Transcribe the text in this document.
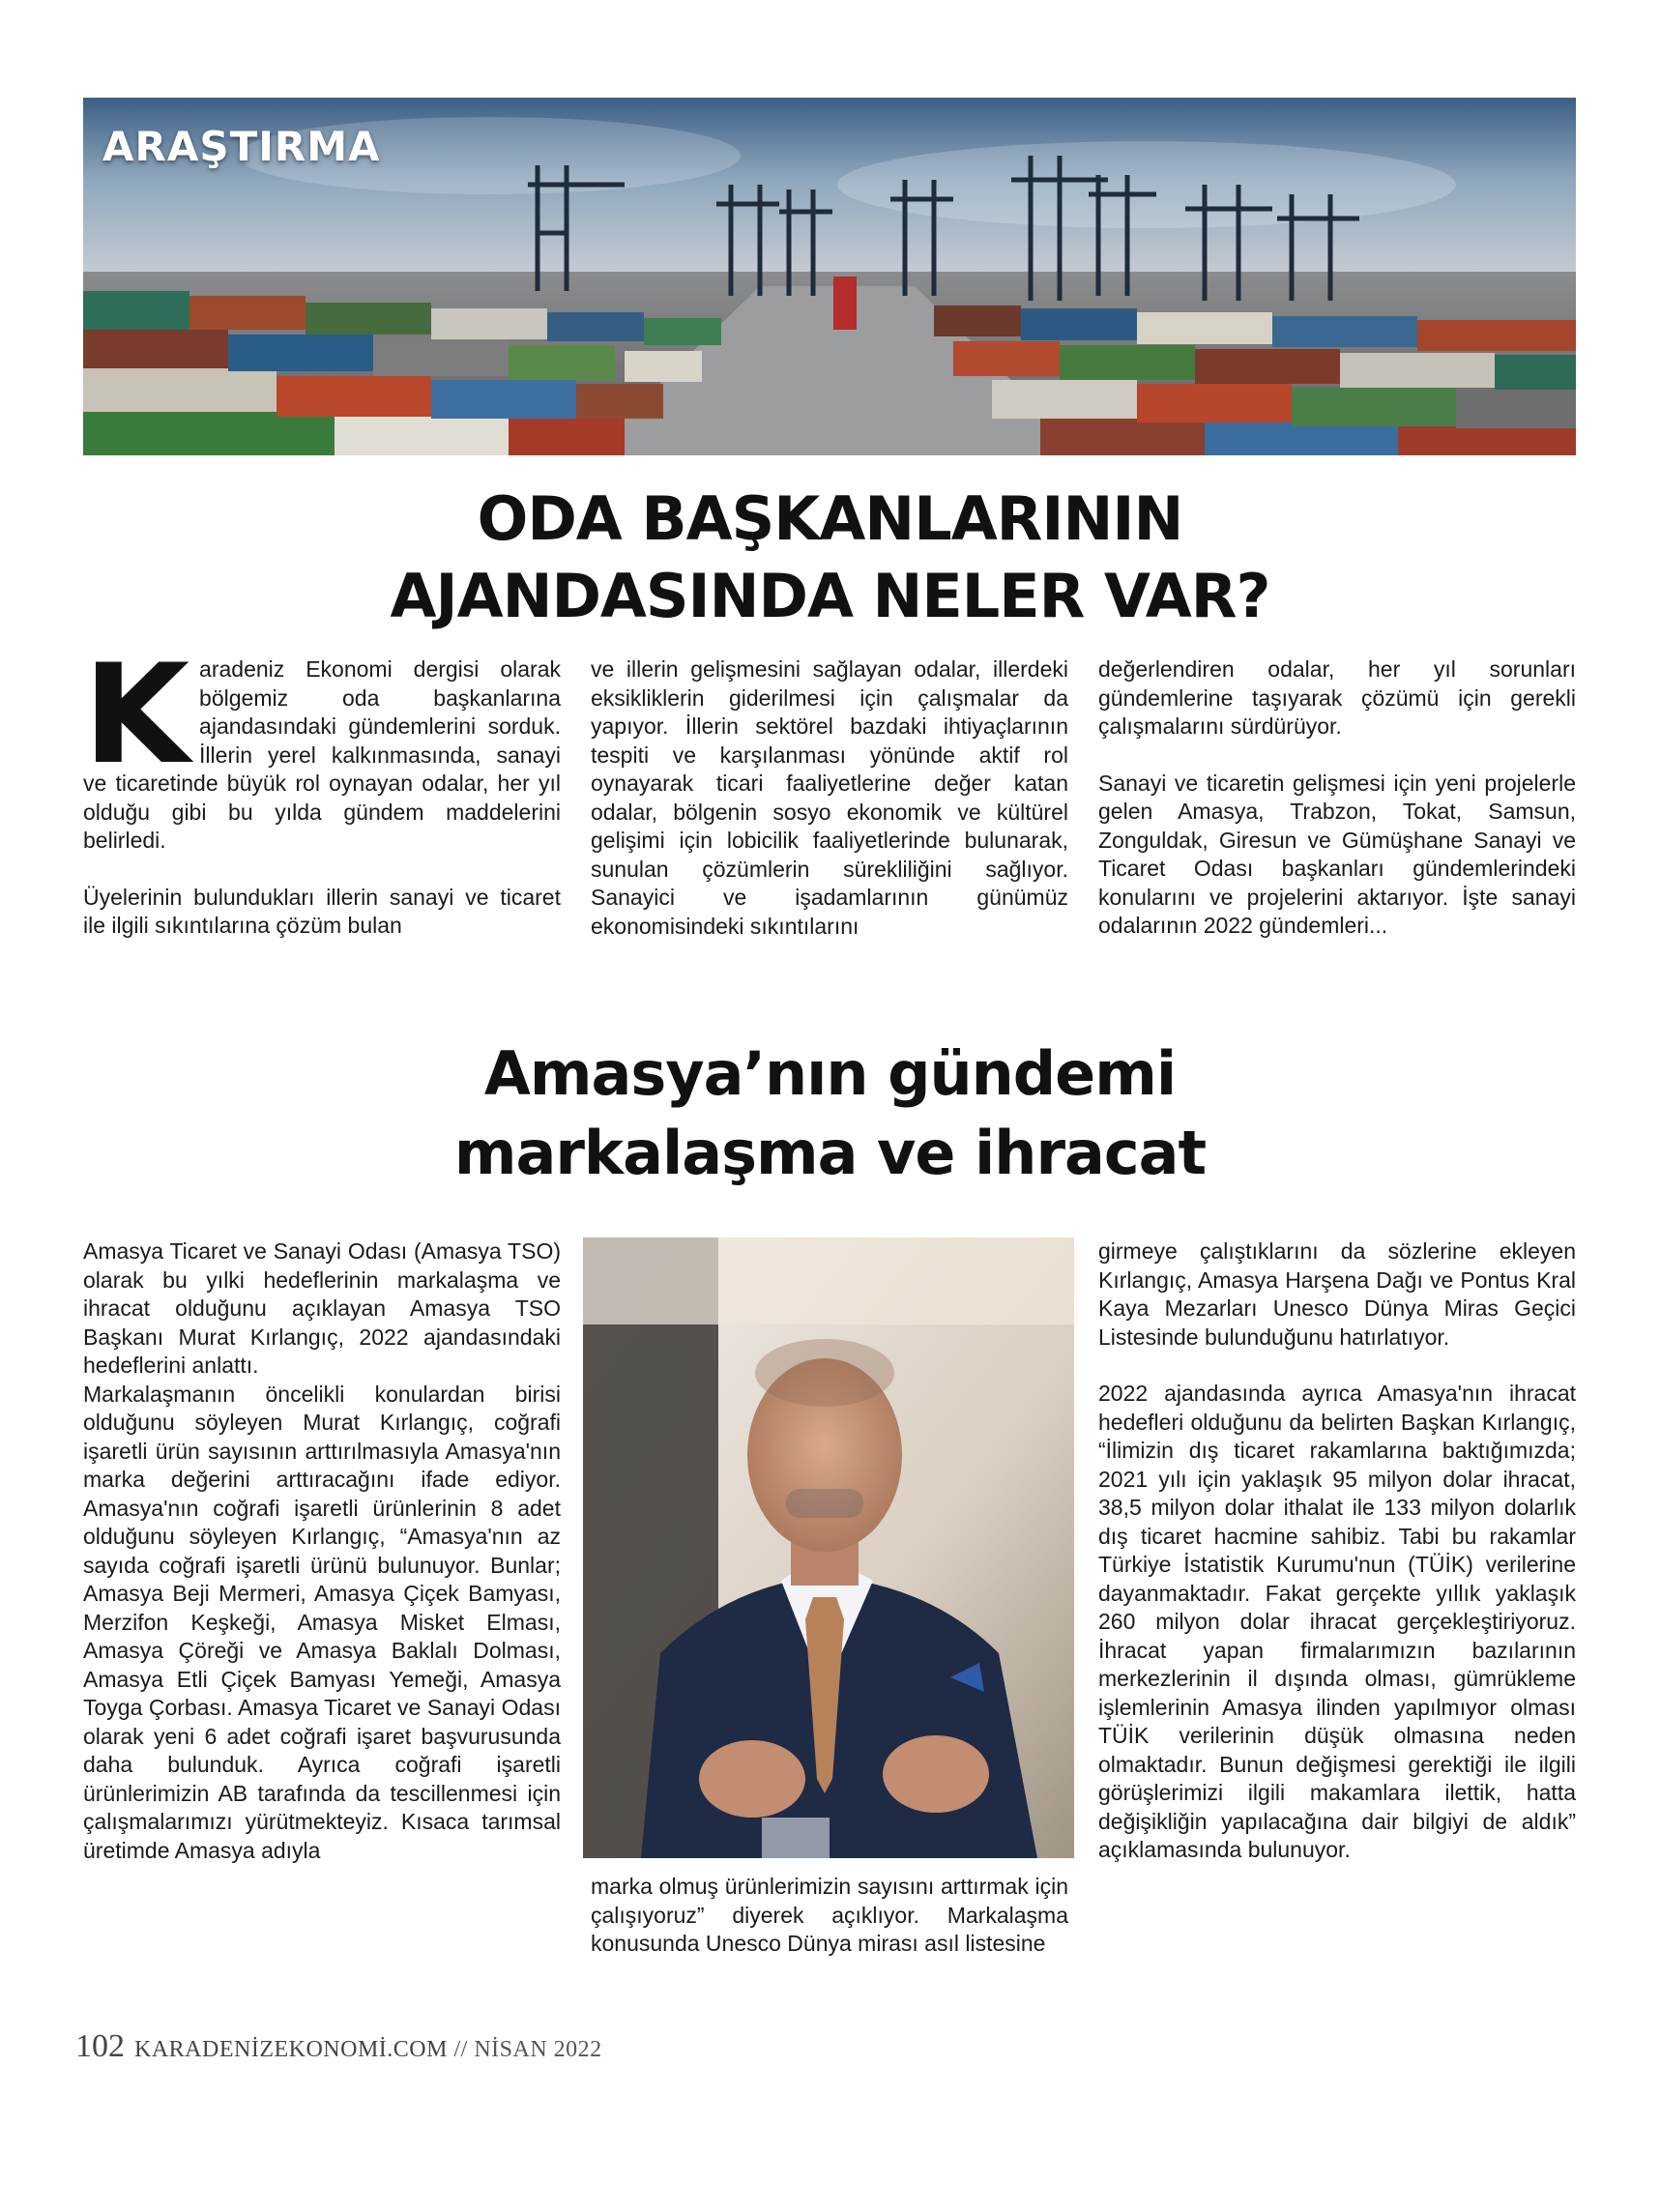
ARAŞTIRMA
ODA BAŞKANLARININ
AJANDASINDA NELER VAR?

Karadeniz Ekonomi dergisi olarak bölgemiz oda başkanlarına ajandasındaki gündemlerini sorduk. İllerin yerel kalkınmasında, sanayi ve ticaretinde büyük rol oynayan odalar, her yıl olduğu gibi bu yılda gündem maddelerini belirledi.

Üyelerinin bulundukları illerin sanayi ve ticaret ile ilgili sıkıntılarına çözüm bulan

ve illerin gelişmesini sağlayan odalar, illerdeki eksikliklerin giderilmesi için çalışmalar da yapıyor. İllerin sektörel bazdaki ihtiyaçlarının tespiti ve karşılanması yönünde aktif rol oynayarak ticari faaliyetlerine değer katan odalar, bölgenin sosyo ekonomik ve kültürel gelişimi için lobicilik faaliyetlerinde bulunarak, sunulan çözümlerin sürekliliğini sağlıyor. Sanayici ve işadamlarının günümüz ekonomisindeki sıkıntılarını

değerlendiren odalar, her yıl sorunları gündemlerine taşıyarak çözümü için gerekli çalışmalarını sürdürüyor.

Sanayi ve ticaretin gelişmesi için yeni projelerle gelen Amasya, Trabzon, Tokat, Samsun, Zonguldak, Giresun ve Gümüşhane Sanayi ve Ticaret Odası başkanları gündemlerindeki konularını ve projelerini aktarıyor. İşte sanayi odalarının 2022 gündemleri...

Amasya’nın gündemi
markalaşma ve ihracat

Amasya Ticaret ve Sanayi Odası (Amasya TSO) olarak bu yılki hedeflerinin markalaşma ve ihracat olduğunu açıklayan Amasya TSO Başkanı Murat Kırlangıç, 2022 ajandasındaki hedeflerini anlattı.

Markalaşmanın öncelikli konulardan birisi olduğunu söyleyen Murat Kırlangıç, coğrafi işaretli ürün sayısının arttırılmasıyla Amasya'nın marka değerini arttıracağını ifade ediyor. Amasya'nın coğrafi işaretli ürünlerinin 8 adet olduğunu söyleyen Kırlangıç, “Amasya'nın az sayıda coğrafi işaretli ürünü bulunuyor. Bunlar; Amasya Beji Mermeri, Amasya Çiçek Bamyası, Merzifon Keşkeği, Amasya Misket Elması, Amasya Çöreği ve Amasya Baklalı Dolması, Amasya Etli Çiçek Bamyası Yemeği, Amasya Toyga Çorbası. Amasya Ticaret ve Sanayi Odası olarak yeni 6 adet coğrafi işaret başvurusunda daha bulunduk. Ayrıca coğrafi işaretli ürünlerimizin AB tarafında da tescillenmesi için çalışmalarımızı yürütmekteyiz. Kısaca tarımsal üretimde Amasya adıyla

MURAT KIRLANGIÇ
AMASYA TSO
BAŞKANI

marka olmuş ürünlerimizin sayısını arttırmak için çalışıyoruz” diyerek açıklıyor. Markalaşma konusunda Unesco Dünya mirası asıl listesine

girmeye çalıştıklarını da sözlerine ekleyen Kırlangıç, Amasya Harşena Dağı ve Pontus Kral Kaya Mezarları Unesco Dünya Miras Geçici Listesinde bulunduğunu hatırlatıyor.

2022 ajandasında ayrıca Amasya'nın ihracat hedefleri olduğunu da belirten Başkan Kırlangıç, “İlimizin dış ticaret rakamlarına baktığımızda; 2021 yılı için yaklaşık 95 milyon dolar ihracat, 38,5 milyon dolar ithalat ile 133 milyon dolarlık dış ticaret hacmine sahibiz. Tabi bu rakamlar Türkiye İstatistik Kurumu'nun (TÜİK) verilerine dayanmaktadır. Fakat gerçekte yıllık yaklaşık 260 milyon dolar ihracat gerçekleştiriyoruz. İhracat yapan firmalarımızın bazılarının merkezlerinin il dışında olması, gümrükleme işlemlerinin Amasya ilinden yapılmıyor olması TÜİK verilerinin düşük olmasına neden olmaktadır. Bunun değişmesi gerektiği ile ilgili görüşlerimizi ilgili makamlara ilettik, hatta değişikliğin yapılacağına dair bilgiyi de aldık” açıklamasında bulunuyor.

102 KARADENİZEKONOMİ.COM // NİSAN 2022
